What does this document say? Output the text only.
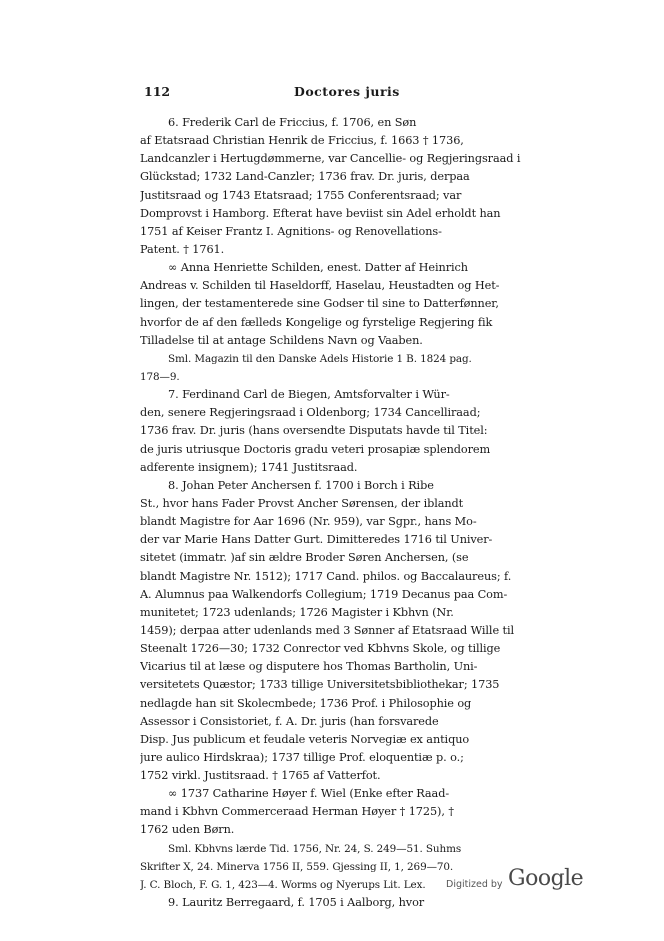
112	Doctores juris
6. Frederik Carl de Friccius, f. 1706, en Søn
af Etatsraad Christian Henrik de Friccius, f. 1663 † 1736,
Landcanzler i Hertugdømmerne, var Cancellie- og Regjeringsraad i
Glückstad; 1732 Land-Canzler; 1736 frav. Dr. juris, derpaa
Justitsraad og 1743 Etatsraad; 1755 Conferentsraad; var
Domprovst i Hamborg. Efterat have beviist sin Adel erholdt han
1751 af Keiser Frantz I. Agnitions- og Renovellations-
Patent. † 1761.
∞ Anna Henriette Schilden, enest. Datter af Heinrich
Andreas v. Schilden til Haseldorff, Haselau, Heustadten og Het-
lingen, der testamenterede sine Godser til sine to Datterfønner,
hvorfor de af den fælleds Kongelige og fyrstelige Regjering fik
Tilladelse til at antage Schildens Navn og Vaaben.
Sml. Magazin til den Danske Adels Historie 1 B. 1824 pag.
178—9.
7. Ferdinand Carl de Biegen, Amtsforvalter i Wür-
den, senere Regjeringsraad i Oldenborg; 1734 Cancelliraad;
1736 frav. Dr. juris (hans oversendte Disputats havde til Titel:
de juris utriusque Doctoris gradu veteri prosapiæ splendorem
adferente insignem); 1741 Justitsraad.
8. Johan Peter Anchersen f. 1700 i Borch i Ribe
St., hvor hans Fader Provst Ancher Sørensen, der iblandt
blandt Magistre for Aar 1696 (Nr. 959), var Sgpr., hans Mo-
der var Marie Hans Datter Gurt. Dimitteredes 1716 til Univer-
sitetet (immatr. )af sin ældre Broder Søren Anchersen, (se
blandt Magistre Nr. 1512); 1717 Cand. philos. og Baccalaureus; f.
A. Alumnus paa Walkendorfs Collegium; 1719 Decanus paa Com-
munitetet; 1723 udenlands; 1726 Magister i Kbhvn (Nr.
1459); derpaa atter udenlands med 3 Sønner af Etatsraad Wille til
Steenalt 1726—30; 1732 Conrector ved Kbhvns Skole, og tillige
Vicarius til at læse og disputere hos Thomas Bartholin, Uni-
versitetets Quæstor; 1733 tillige Universitetsbibliothekar; 1735
nedlagde han sit Skolecmbede; 1736 Prof. i Philosophie og
Assessor i Consistoriet, f. A. Dr. juris (han forsvarede
Disp. Jus publicum et feudale veteris Norvegiæ ex antiquo
jure aulico Hirdskraa); 1737 tillige Prof. eloquentiæ p. o.;
1752 virkl. Justitsraad. † 1765 af Vatterfot.
∞ 1737 Catharine Høyer f. Wiel (Enke efter Raad-
mand i Kbhvn Commerceraad Herman Høyer † 1725), †
1762 uden Børn.
Sml. Kbhvns lærde Tid. 1756, Nr. 24, S. 249—51. Suhms
Skrifter X, 24. Minerva 1756 II, 559. Gjessing II, 1, 269—70.
J. C. Bloch, F. G. 1, 423—4. Worms og Nyerups Lit. Lex.
9. Lauritz Berregaard, f. 1705 i Aalborg, hvor
Digitized by Google
